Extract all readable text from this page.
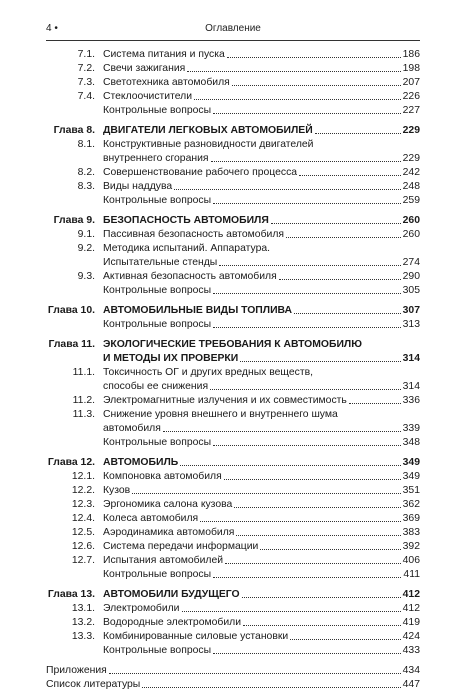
4 •	Оглавление
7.1. Система питания и пуска	186
7.2. Свечи зажигания	198
7.3. Светотехника автомобиля	207
7.4. Стеклоочистители	226
Контрольные вопросы	227
Глава 8. ДВИГАТЕЛИ ЛЕГКОВЫХ АВТОМОБИЛЕЙ	229
8.1. Конструктивные разновидности двигателей
внутреннего сгорания	229
8.2. Совершенствование рабочего процесса	242
8.3. Виды наддува	248
Контрольные вопросы	259
Глава 9. БЕЗОПАСНОСТЬ АВТОМОБИЛЯ	260
9.1. Пассивная безопасность автомобиля	260
9.2. Методика испытаний. Аппаратура.
Испытательные стенды	274
9.3. Активная безопасность автомобиля	290
Контрольные вопросы	305
Глава 10. АВТОМОБИЛЬНЫЕ ВИДЫ ТОПЛИВА	307
Контрольные вопросы	313
Глава 11. ЭКОЛОГИЧЕСКИЕ ТРЕБОВАНИЯ К АВТОМОБИЛЮ
И МЕТОДЫ ИХ ПРОВЕРКИ	314
11.1. Токсичность ОГ и других вредных веществ,
способы ее снижения	314
11.2. Электромагнитные излучения и их совместимость	336
11.3. Снижение уровня внешнего и внутреннего шума
автомобиля	339
Контрольные вопросы	348
Глава 12. АВТОМОБИЛЬ	349
12.1. Компоновка автомобиля	349
12.2. Кузов	351
12.3. Эргономика салона кузова	362
12.4. Колеса автомобиля	369
12.5. Аэродинамика автомобиля	383
12.6. Система передачи информации	392
12.7. Испытания автомобилей	406
Контрольные вопросы	411
Глава 13. АВТОМОБИЛИ БУДУЩЕГО	412
13.1. Электромобили	412
13.2. Водородные электромобили	419
13.3. Комбинированные силовые установки	424
Контрольные вопросы	433
Приложения	434
Список литературы	447
